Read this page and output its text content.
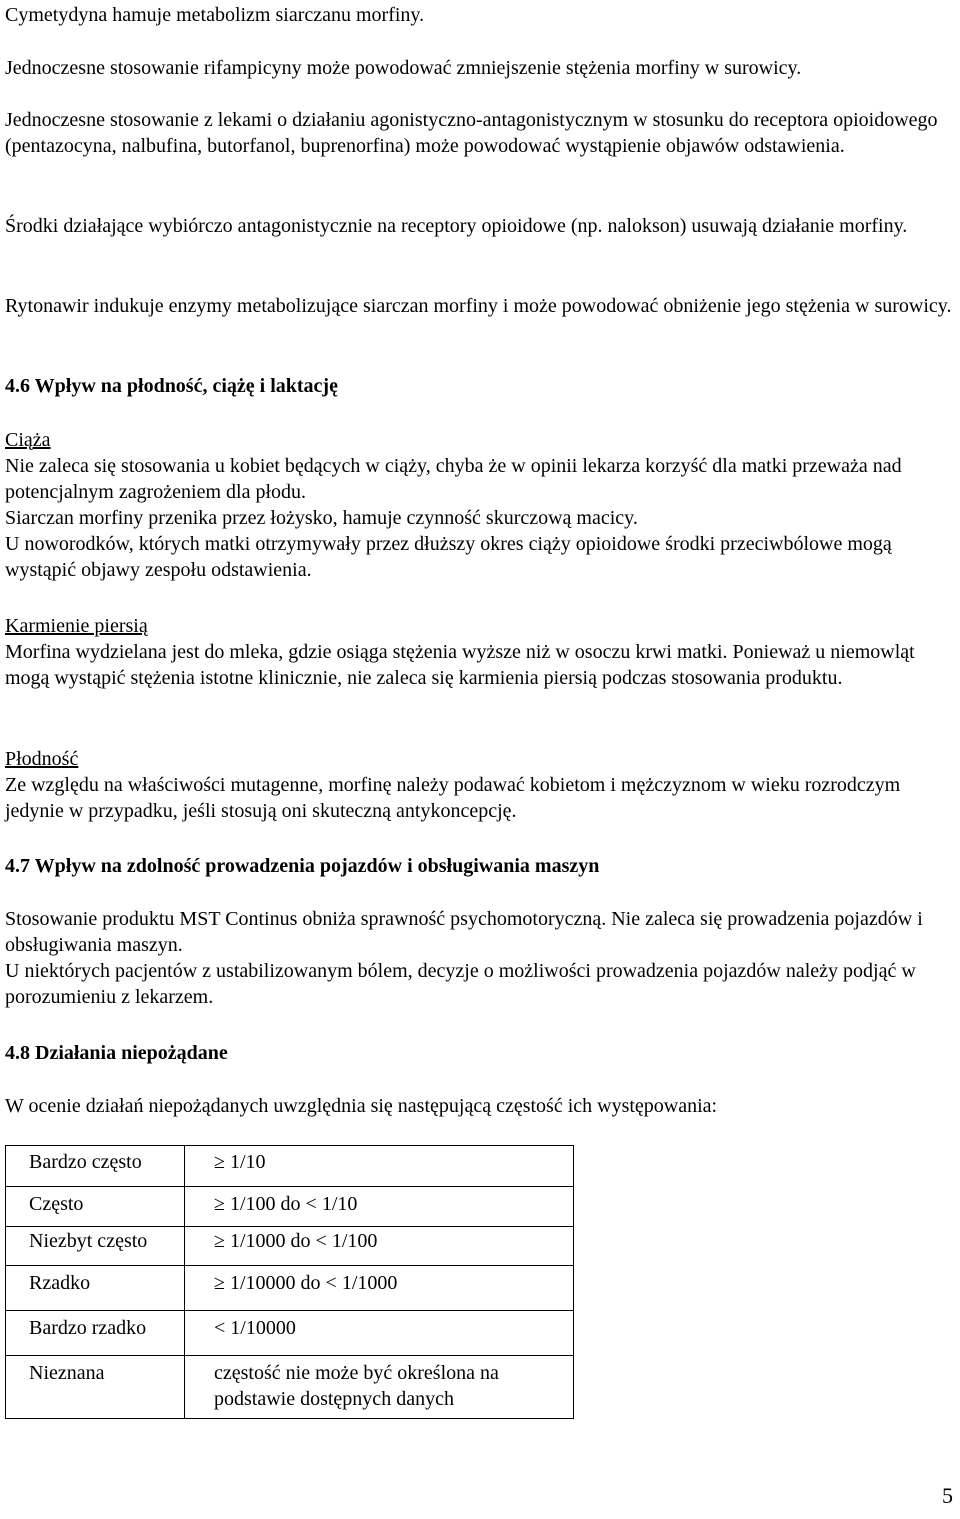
Cymetydyna hamuje metabolizm siarczanu morfiny.

Jednoczesne stosowanie rifampicyny może powodować zmniejszenie stężenia morfiny w surowicy.

Jednoczesne stosowanie z lekami o działaniu agonistyczno-antagonistycznym w stosunku do receptora opioidowego (pentazocyna, nalbufina, butorfanol, buprenorfina) może powodować wystąpienie objawów odstawienia.

Środki działające wybiórczo antagonistycznie na receptory opioidowe (np. nalokson) usuwają działanie morfiny.

Rytonawir indukuje enzymy metabolizujące siarczan morfiny i może powodować obniżenie jego stężenia w surowicy.

4.6 Wpływ na płodność, ciążę i laktację

Ciąża

Nie zaleca się stosowania u kobiet będących w ciąży, chyba że w opinii lekarza korzyść dla matki przeważa nad potencjalnym zagrożeniem dla płodu.

Siarczan morfiny przenika przez łożysko, hamuje czynność skurczową macicy.

U noworodków, których matki otrzymywały przez dłuższy okres ciąży opioidowe środki przeciwbólowe mogą wystąpić objawy zespołu odstawienia.

Karmienie piersią

Morfina wydzielana jest do mleka, gdzie osiąga stężenia wyższe niż w osoczu krwi matki. Ponieważ u niemowląt mogą wystąpić stężenia istotne klinicznie, nie zaleca się karmienia piersią podczas stosowania produktu.

Płodność

Ze względu na właściwości mutagenne, morfinę należy podawać kobietom i mężczyznom w wieku rozrodczym jedynie w przypadku, jeśli stosują oni skuteczną antykoncepcję.

4.7 Wpływ na zdolność prowadzenia pojazdów i obsługiwania maszyn

Stosowanie produktu MST Continus obniża sprawność psychomotoryczną. Nie zaleca się prowadzenia pojazdów i obsługiwania maszyn.

U niektórych pacjentów z ustabilizowanym bólem, decyzje o możliwości prowadzenia pojazdów należy podjąć w porozumieniu z lekarzem.

4.8 Działania niepożądane

W ocenie działań niepożądanych uwzględnia się następującą częstość ich występowania:

Bardzo często	≥ 1/10
Często	≥ 1/100 do < 1/10
Niezbyt często	≥ 1/1000 do < 1/100
Rzadko	≥ 1/10000 do < 1/1000
Bardzo rzadko	< 1/10000
Nieznana	częstość nie może być określona na podstawie dostępnych danych
5
